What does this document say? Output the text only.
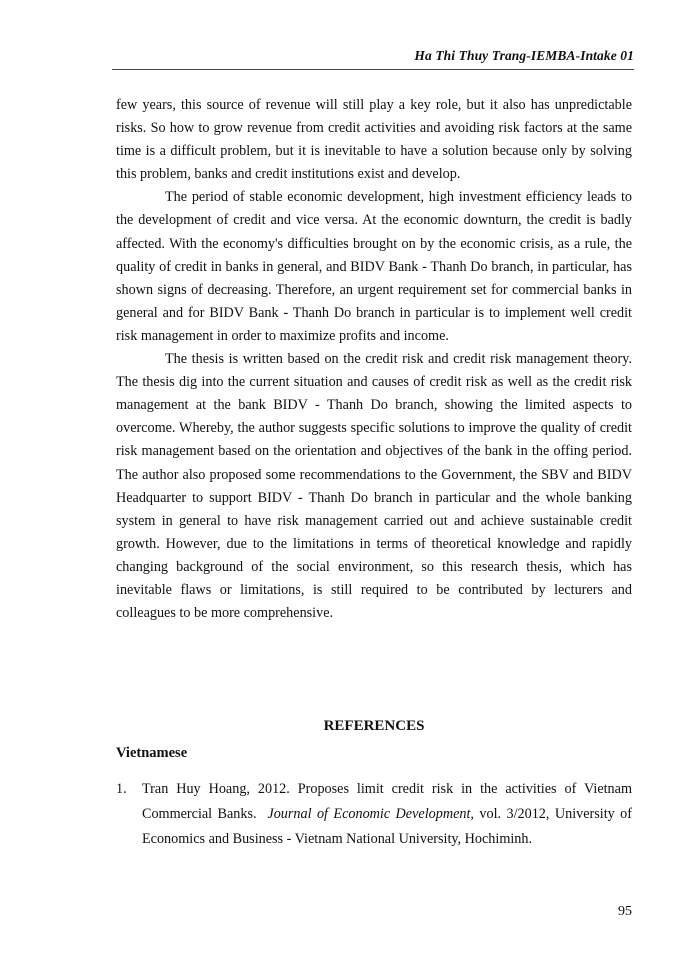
Ha Thi Thuy Trang-IEMBA-Intake 01

few years, this source of revenue will still play a key role, but it also has unpredictable risks. So how to grow revenue from credit activities and avoiding risk factors at the same time is a difficult problem, but it is inevitable to have a solution because only by solving this problem, banks and credit institutions exist and develop.

The period of stable economic development, high investment efficiency leads to the development of credit and vice versa. At the economic downturn, the credit is badly affected. With the economy's difficulties brought on by the economic crisis, as a rule, the quality of credit in banks in general, and BIDV Bank - Thanh Do branch, in particular, has shown signs of decreasing. Therefore, an urgent requirement set for commercial banks in general and for BIDV Bank - Thanh Do branch in particular is to implement well credit risk management in order to maximize profits and income.

The thesis is written based on the credit risk and credit risk management theory. The thesis dig into the current situation and causes of credit risk as well as the credit risk management at the bank BIDV - Thanh Do branch, showing the limited aspects to overcome. Whereby, the author suggests specific solutions to improve the quality of credit risk management based on the orientation and objectives of the bank in the offing period. The author also proposed some recommendations to the Government, the SBV and BIDV Headquarter to support BIDV - Thanh Do branch in particular and the whole banking system in general to have risk management carried out and achieve sustainable credit growth. However, due to the limitations in terms of theoretical knowledge and rapidly changing background of the social environment, so this research thesis, which has inevitable flaws or limitations, is still required to be contributed by lecturers and colleagues to be more comprehensive.

REFERENCES
Vietnamese
1.	Tran Huy Hoang, 2012. Proposes limit credit risk in the activities of Vietnam Commercial Banks. Journal of Economic Development, vol. 3/2012, University of Economics and Business - Vietnam National University, Hochiminh.
95
